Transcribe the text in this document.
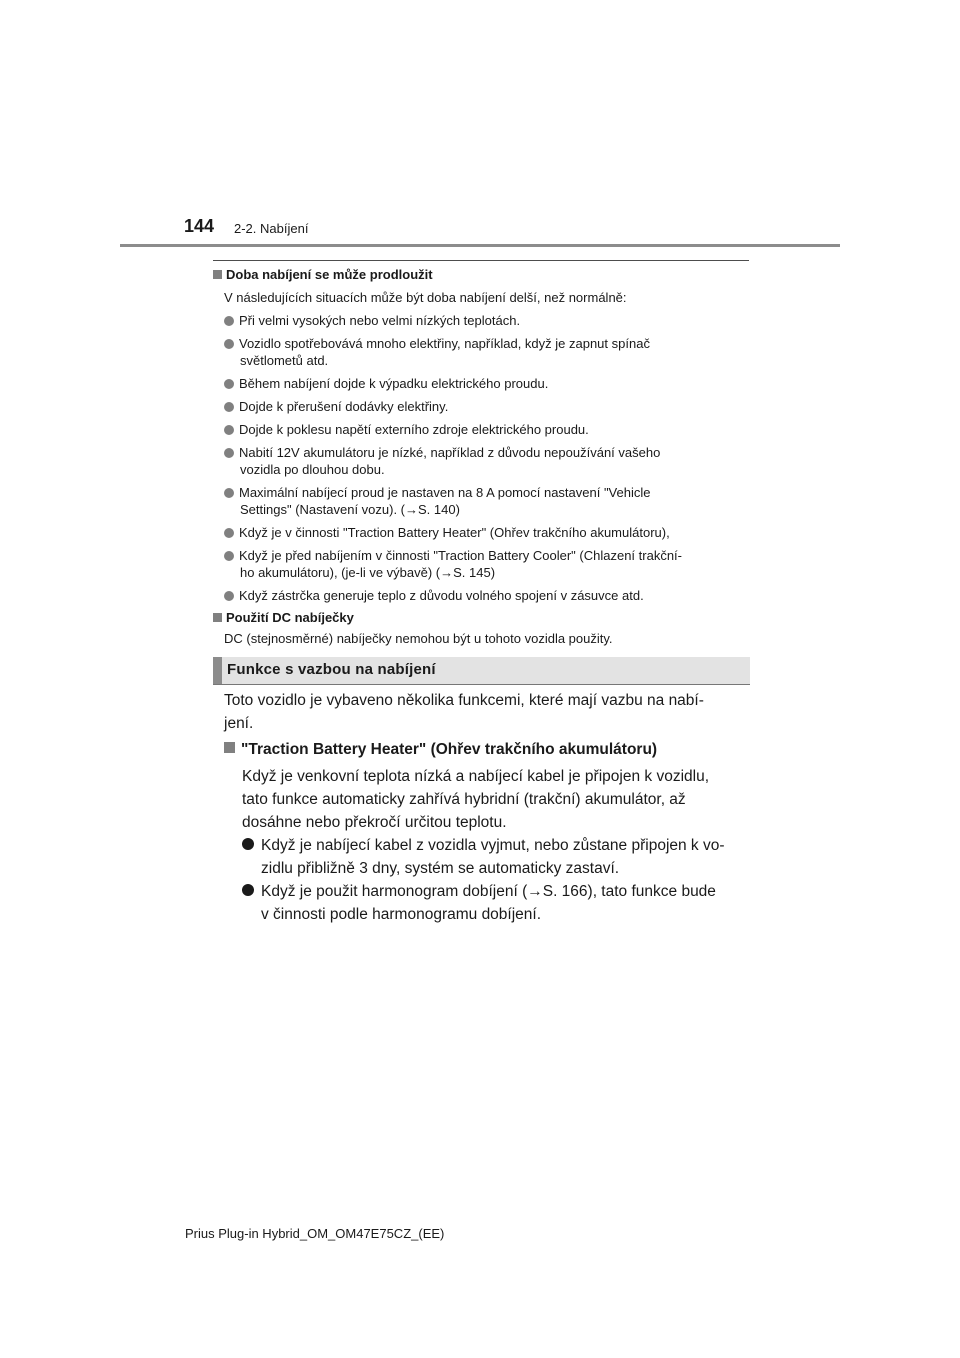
144 2-2. Nabíjení
Doba nabíjení se může prodloužit
V následujících situacích může být doba nabíjení delší, než normálně:
Při velmi vysokých nebo velmi nízkých teplotách.
Vozidlo spotřebovává mnoho elektřiny, například, když je zapnut spínač
světlometů atd.
Během nabíjení dojde k výpadku elektrického proudu.
Dojde k přerušení dodávky elektřiny.
Dojde k poklesu napětí externího zdroje elektrického proudu.
Nabití 12V akumulátoru je nízké, například z důvodu nepoužívání vašeho
vozidla po dlouhou dobu.
Maximální nabíjecí proud je nastaven na 8 A pomocí nastavení "Vehicle
Settings" (Nastavení vozu). (→S. 140)
Když je v činnosti "Traction Battery Heater" (Ohřev trakčního akumulátoru),
Když je před nabíjením v činnosti "Traction Battery Cooler" (Chlazení trakční-
ho akumulátoru), (je-li ve výbavě) (→S. 145)
Když zástrčka generuje teplo z důvodu volného spojení v zásuvce atd.
Použití DC nabíječky
DC (stejnosměrné) nabíječky nemohou být u tohoto vozidla použity.
Funkce s vazbou na nabíjení
Toto vozidlo je vybaveno několika funkcemi, které mají vazbu na nabí-
jení.
"Traction Battery Heater" (Ohřev trakčního akumulátoru)
Když je venkovní teplota nízká a nabíjecí kabel je připojen k vozidlu,
tato funkce automaticky zahřívá hybridní (trakční) akumulátor, až
dosáhne nebo překročí určitou teplotu.
Když je nabíjecí kabel z vozidla vyjmut, nebo zůstane připojen k vo-
zidlu přibližně 3 dny, systém se automaticky zastaví.
Když je použit harmonogram dobíjení (→S. 166), tato funkce bude
v činnosti podle harmonogramu dobíjení.
Prius Plug-in Hybrid_OM_OM47E75CZ_(EE)
